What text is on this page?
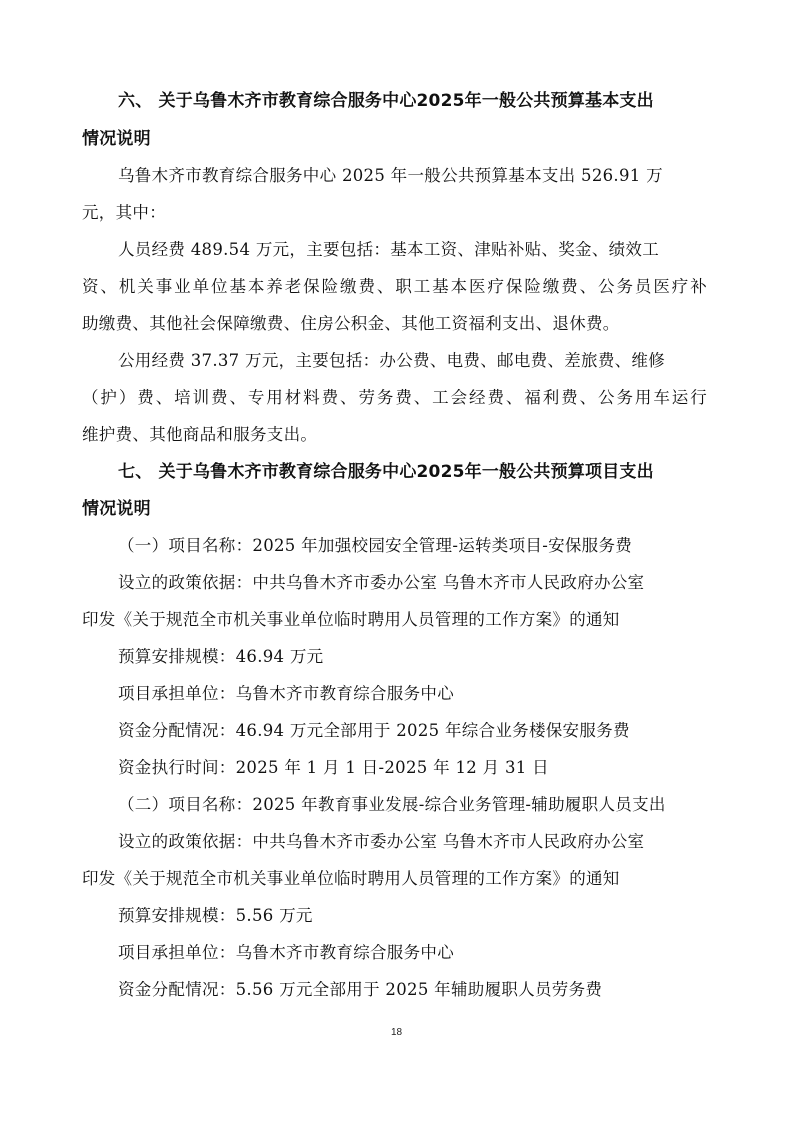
六、 关于乌鲁木齐市教育综合服务中心2025年一般公共预算基本支出
情况说明
乌鲁木齐市教育综合服务中心 2025 年一般公共预算基本支出 526.91 万
元，其中：
人员经费 489.54 万元，主要包括：基本工资、津贴补贴、奖金、绩效工
资、机关事业单位基本养老保险缴费、职工基本医疗保险缴费、公务员医疗补
助缴费、其他社会保障缴费、住房公积金、其他工资福利支出、退休费。
公用经费 37.37 万元，主要包括：办公费、电费、邮电费、差旅费、维修
（护）费、培训费、专用材料费、劳务费、工会经费、福利费、公务用车运行
维护费、其他商品和服务支出。
七、 关于乌鲁木齐市教育综合服务中心2025年一般公共预算项目支出
情况说明
（一）项目名称：2025 年加强校园安全管理-运转类项目-安保服务费
设立的政策依据：中共乌鲁木齐市委办公室 乌鲁木齐市人民政府办公室
印发《关于规范全市机关事业单位临时聘用人员管理的工作方案》的通知
预算安排规模：46.94 万元
项目承担单位：乌鲁木齐市教育综合服务中心
资金分配情况：46.94 万元全部用于 2025 年综合业务楼保安服务费
资金执行时间：2025 年 1 月 1 日-2025 年 12 月 31 日
（二）项目名称：2025 年教育事业发展-综合业务管理-辅助履职人员支出
设立的政策依据：中共乌鲁木齐市委办公室 乌鲁木齐市人民政府办公室
印发《关于规范全市机关事业单位临时聘用人员管理的工作方案》的通知
预算安排规模：5.56 万元
项目承担单位：乌鲁木齐市教育综合服务中心
资金分配情况：5.56 万元全部用于 2025 年辅助履职人员劳务费
18
